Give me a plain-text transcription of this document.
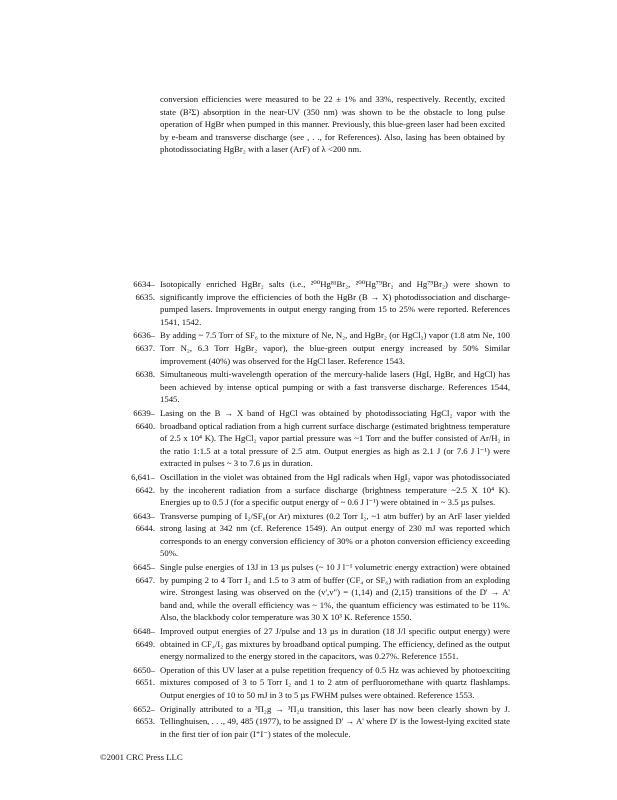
conversion efficiencies were measured to be 22 ± 1% and 33%, respectively. Recently, excited state (B²Σ) absorption in the near-UV (350 nm) was shown to be the obstacle to long pulse operation of HgBr when pumped in this manner. Previously, this blue-green laser had been excited by e-beam and transverse discharge (see , . ., for References). Also, lasing has been obtained by photodissociating HgBr₂ with a laser (ArF) of λ <200 nm.
6634–
6635.
Isotopically enriched HgBr₂ salts (i.e., ²⁰⁰Hg⁸¹Br₂, ²⁰⁰Hg⁷⁹Br₂ and Hg⁷⁹Br₂) were shown to significantly improve the efficiencies of both the HgBr (B → X) photodissociation and discharge-pumped lasers. Improvements in output energy ranging from 15 to 25% were reported. References 1541, 1542.
6636–
6637.
By adding ~ 7.5 Torr of SF₆ to the mixture of Ne, N₂, and HgBr₂ (or HgCl₂) vapor (1.8 atm Ne, 100 Torr N₂, 6.3 Torr HgBr₂ vapor), the blue-green output energy increased by 50% Similar improvement (40%) was observed for the HgCl laser. Reference 1543.
6638. Simultaneous multi-wavelength operation of the mercury-halide lasers (HgI, HgBr, and HgCl) has been achieved by intense optical pumping or with a fast transverse discharge. References 1544, 1545.
6639–
6640.
Lasing on the B → X band of HgCl was obtained by photodissociating HgCl₂ vapor with the broadband optical radiation from a high current surface discharge (estimated brightness temperature of 2.5 x 10⁴ K). The HgCl₂ vapor partial pressure was ~1 Torr and the buffer consisted of Ar/H₂ in the ratio 1:1.5 at a total pressure of 2.5 atm. Output energies as high as 2.1 J (or 7.6 J l⁻¹) were extracted in pulses ~ 3 to 7.6 µs in duration.
6,641–
6642.
Oscillation in the violet was obtained from the HgI radicals when HgI₂ vapor was photodissociated by the incoherent radiation from a surface discharge (brightness temperature ~2.5 X 10⁴ K). Energies up to 0.5 J (for a specific output energy of ~ 0.6 J l⁻¹) were obtained in ~ 3.5 µs pulses.
6643–
6644.
Transverse pumping of I₂/SF₆(or Ar) mixtures (0.2 Torr I₂, ~1 atm buffer) by an ArF laser yielded strong lasing at 342 nm (cf. Reference 1549). An output energy of 230 mJ was reported which corresponds to an energy conversion efficiency of 30% or a photon conversion efficiency exceeding 50%.
6645–
6647.
Single pulse energies of 13J in 13 µs pulses (~ 10 J l⁻¹ volumetric energy extraction) were obtained by pumping 2 to 4 Torr I₂ and 1.5 to 3 atm of buffer (CF₄ or SF₆) with radiation from an exploding wire. Strongest lasing was observed on the (v',v") = (1,14) and (2,15) transitions of the D' → A' band and, while the overall efficiency was ~ 1%, the quantum efficiency was estimated to be 11%. Also, the blackbody color temperature was 30 X 10³ K. Reference 1550.
6648–
6649.
Improved output energies of 27 J/pulse and 13 µs in duration (18 J/l specific output energy) were obtained in CF₄/I₂ gas mixtures by broadband optical pumping. The efficiency, defined as the output energy normalized to the energy stored in the capacitors, was 0.27%. Reference 1551.
6650–
6651.
Operation of this UV laser at a pulse repetition frequency of 0.5 Hz was achieved by photoexciting mixtures composed of 3 to 5 Torr I₂ and 1 to 2 atm of perfluoromethane with quartz flashlamps. Output energies of 10 to 50 mJ in 3 to 5 µs FWHM pulses were obtained. Reference 1553.
6652–
6653.
Originally attributed to a ³Π₂g → ³Π₂u transition, this laser has now been clearly shown by J. Tellinghuisen, . . ., 49, 485 (1977), to be assigned D' → A' where D' is the lowest-lying excited state in the first tier of ion pair (I⁺I⁻) states of the molecule.
©2001 CRC Press LLC
